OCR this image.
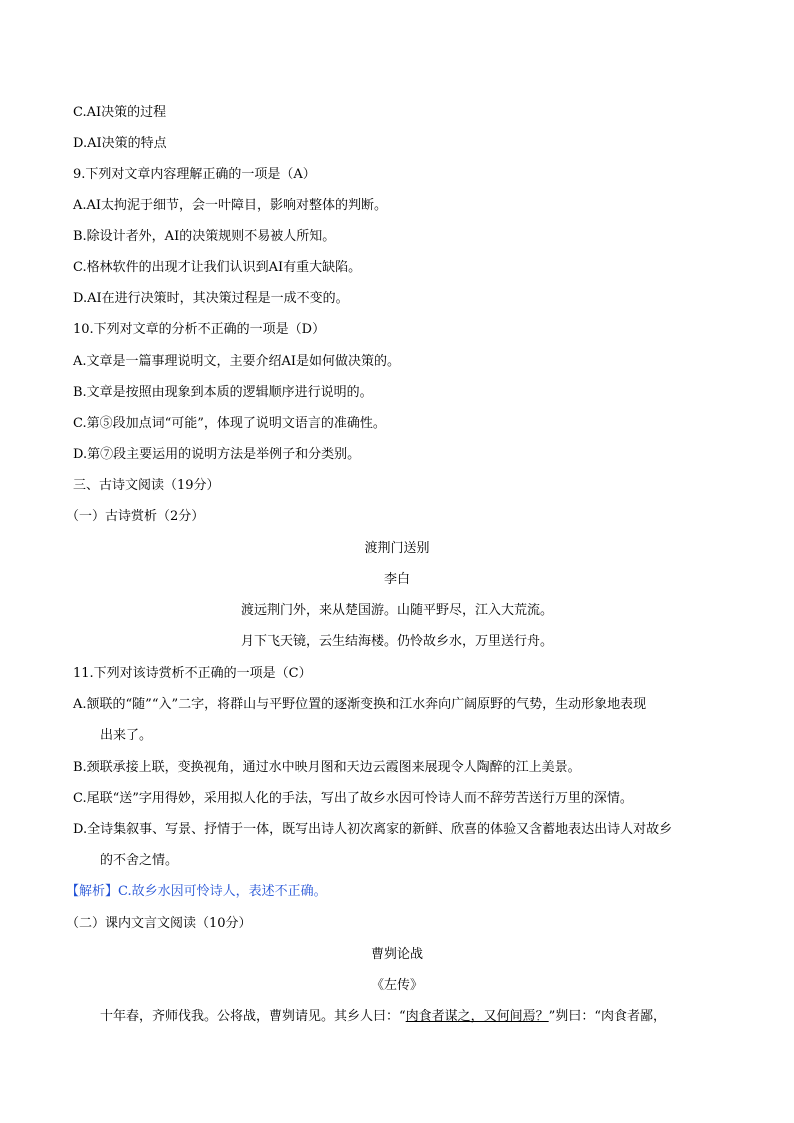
C.AI决策的过程
D.AI决策的特点
9.下列对文章内容理解正确的一项是（A）
A.AI太拘泥于细节，会一叶障目，影响对整体的判断。
B.除设计者外，AI的决策规则不易被人所知。
C.格林软件的出现才让我们认识到AI有重大缺陷。
D.AI在进行决策时，其决策过程是一成不变的。
10.下列对文章的分析不正确的一项是（D）
A.文章是一篇事理说明文，主要介绍AI是如何做决策的。
B.文章是按照由现象到本质的逻辑顺序进行说明的。
C.第⑤段加点词“可能”，体现了说明文语言的准确性。
D.第⑦段主要运用的说明方法是举例子和分类别。
三、古诗文阅读（19分）
（一）古诗赏析（2分）
渡荆门送别
李白
渡远荆门外，来从楚国游。山随平野尽，江入大荒流。
月下飞天镜，云生结海楼。仍怜故乡水，万里送行舟。
11.下列对该诗赏析不正确的一项是（C）
A.颔联的“随”“入”二字，将群山与平野位置的逐渐变换和江水奔向广阔原野的气势，生动形象地表现
出来了。
B.颈联承接上联，变换视角，通过水中映月图和天边云霞图来展现令人陶醉的江上美景。
C.尾联“送”字用得妙，采用拟人化的手法，写出了故乡水因可怜诗人而不辞劳苦送行万里的深情。
D.全诗集叙事、写景、抒情于一体，既写出诗人初次离家的新鲜、欣喜的体验又含蓄地表达出诗人对故乡
的不舍之情。
【解析】C.故乡水因可怜诗人，表述不正确。
（二）课内文言文阅读（10分）
曹刿论战
《左传》
十年春，齐师伐我。公将战，曹刿请见。其乡人曰：“肉食者谋之，又何间焉？”刿曰：“肉食者鄙，
